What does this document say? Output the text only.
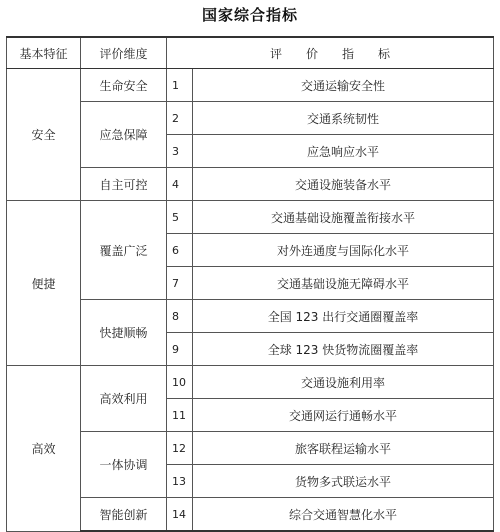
国家综合指标
基本特征	评价维度	评　　价　　指　　标	
安全	生命安全	1	交通运输安全性
	应急保障	2	交通系统韧性
		3	应急响应水平
	自主可控	4	交通设施装备水平
便捷	覆盖广泛	5	交通基础设施覆盖衔接水平
		6	对外连通度与国际化水平
		7	交通基础设施无障碍水平
	快捷顺畅	8	全国 123 出行交通圈覆盖率
		9	全球 123 快货物流圈覆盖率
高效	高效利用	10	交通设施利用率
		11	交通网运行通畅水平
	一体协调	12	旅客联程运输水平
		13	货物多式联运水平
	智能创新	14	综合交通智慧化水平
